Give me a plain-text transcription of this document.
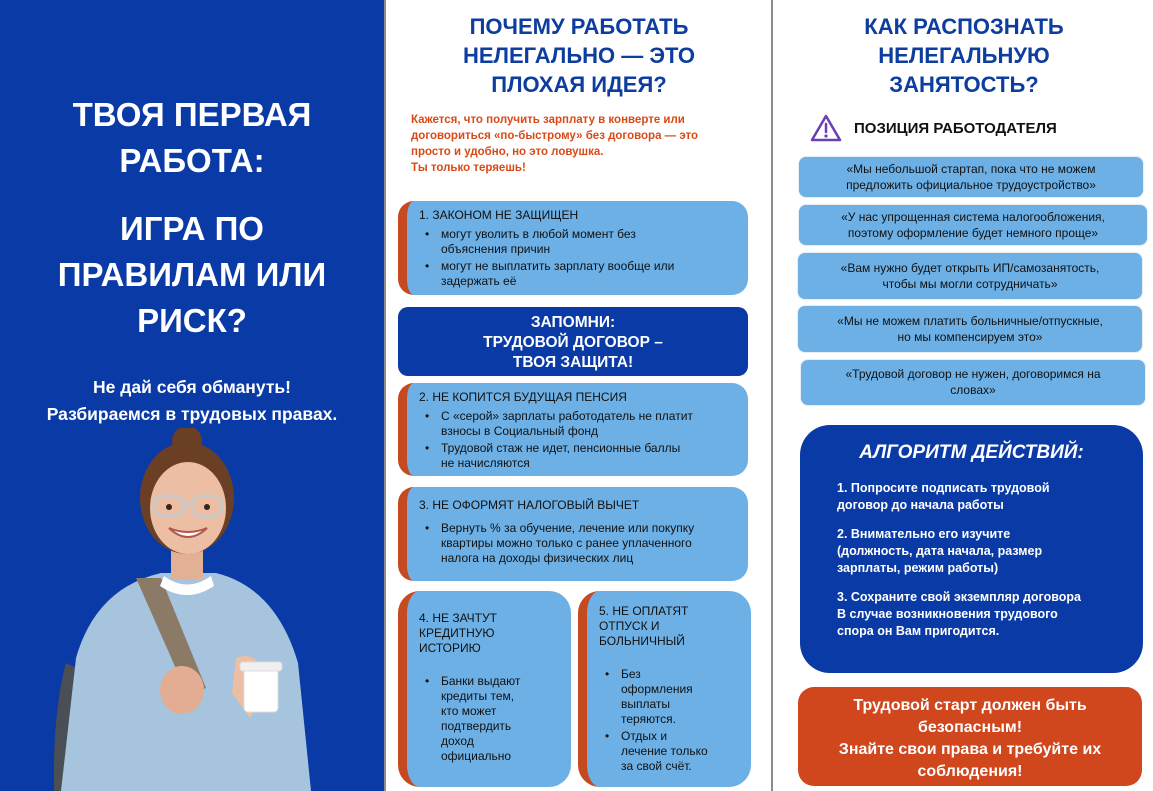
ТВОЯ ПЕРВАЯ
РАБОТА:
ИГРА ПО
ПРАВИЛАМ ИЛИ
РИСК?
Не дай себя обмануть!
Разбираемся в трудовых правах.
ПОЧЕМУ РАБОТАТЬ
НЕЛЕГАЛЬНО — ЭТО
ПЛОХАЯ ИДЕЯ?
Кажется, что получить зарплату в конверте или
договориться «по-быстрому» без договора — это
просто и удобно, но это ловушка.
Ты только теряешь!
1. ЗАКОНОМ НЕ ЗАЩИЩЕН
• могут уволить в любой момент без
объяснения причин
• могут не выплатить зарплату вообще или
задержать её
ЗАПОМНИ:
ТРУДОВОЙ ДОГОВОР –
ТВОЯ ЗАЩИТА!
2. НЕ КОПИТСЯ БУДУЩАЯ ПЕНСИЯ
• С «серой» зарплаты работодатель не платит
взносы в Социальный фонд
• Трудовой стаж не идет, пенсионные баллы
не начисляются
3. НЕ ОФОРМЯТ НАЛОГОВЫЙ ВЫЧЕТ
• Вернуть % за обучение, лечение или покупку
квартиры можно только с ранее уплаченного
налога на доходы физических лиц
4. НЕ ЗАЧТУТ
КРЕДИТНУЮ
ИСТОРИЮ
• Банки выдают
кредиты тем,
кто может
подтвердить
доход
официально
5. НЕ ОПЛАТЯТ
ОТПУСК И
БОЛЬНИЧНЫЙ
• Без
оформления
выплаты
теряются.
• Отдых и
лечение только
за свой счёт.
КАК РАСПОЗНАТЬ
НЕЛЕГАЛЬНУЮ
ЗАНЯТОСТЬ?
ПОЗИЦИЯ РАБОТОДАТЕЛЯ
«Мы небольшой стартап, пока что не можем
предложить официальное трудоустройство»
«У нас упрощенная система налогообложения,
поэтому оформление будет немного проще»
«Вам нужно будет открыть ИП/самозанятость,
чтобы мы могли сотрудничать»
«Мы не можем платить больничные/отпускные,
но мы компенсируем это»
«Трудовой договор не нужен, договоримся на
словах»
АЛГОРИТМ ДЕЙСТВИЙ:

1. Попросите подписать трудовой
договор до начала работы

2. Внимательно его изучите
(должность, дата начала, размер
зарплаты, режим работы)

3. Сохраните свой экземпляр договора
В случае возникновения трудового
спора он Вам пригодится.

Трудовой старт должен быть
безопасным!
Знайте свои права и требуйте их
соблюдения!
